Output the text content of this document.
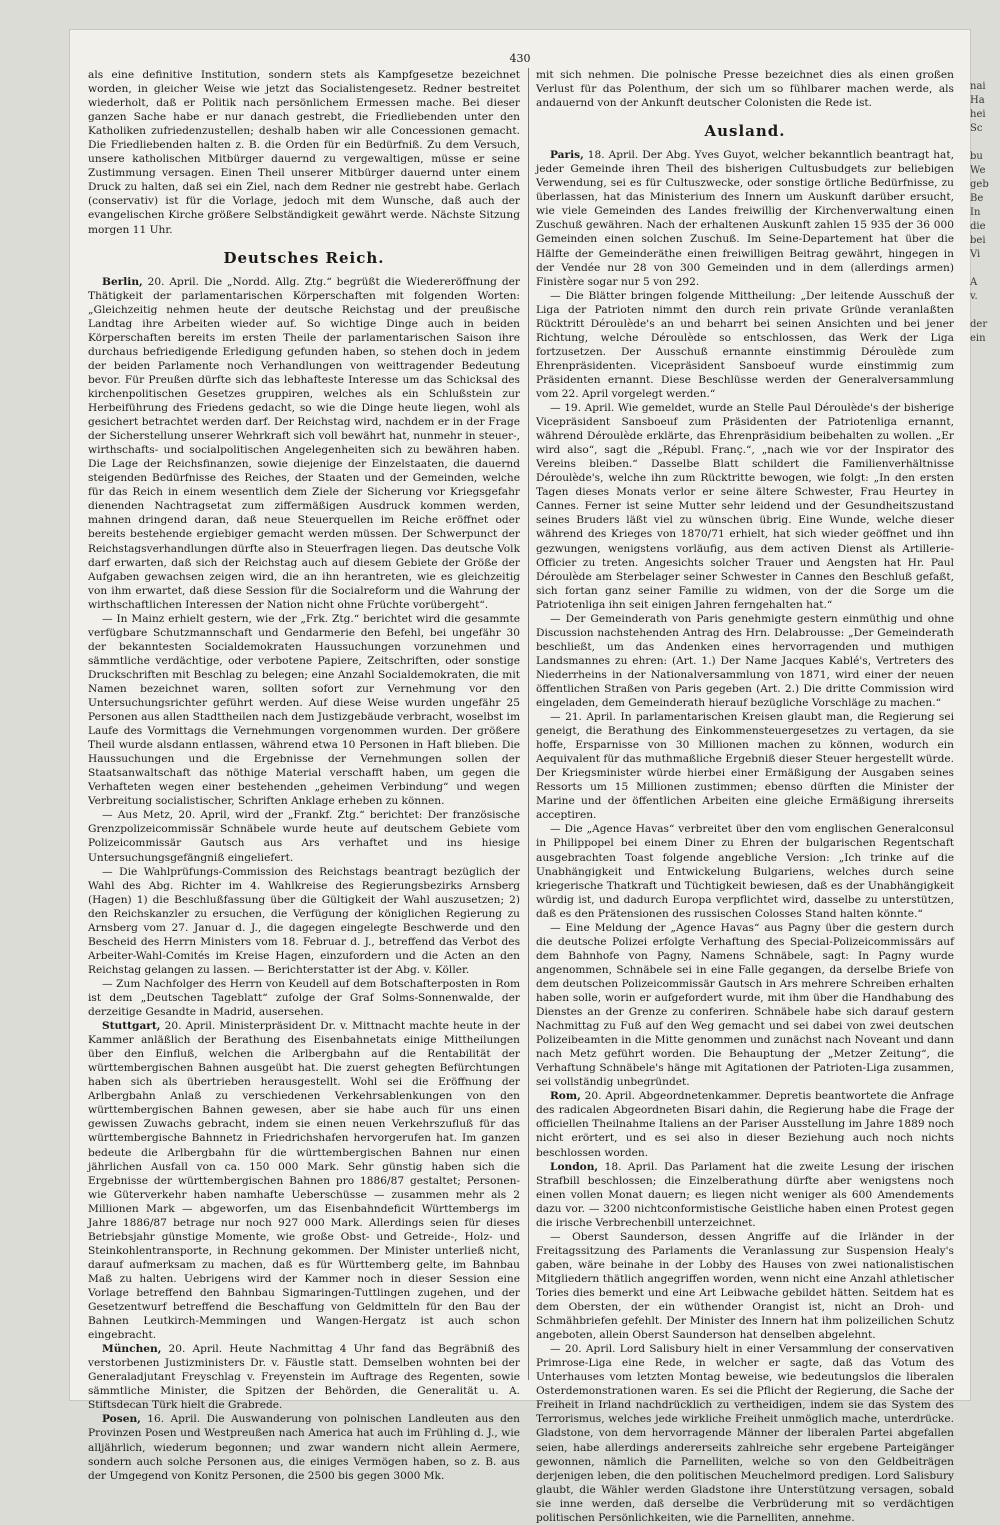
430

als eine definitive Institution, sondern stets als Kampfgesetze bezeichnet worden, in gleicher Weise wie jetzt das Socialistengesetz. Redner bestreitet wiederholt, daß er Politik nach persönlichem Ermessen mache. Bei dieser ganzen Sache habe er nur danach gestrebt, die Friedliebenden unter den Katholiken zufriedenzustellen; deshalb haben wir alle Concessionen gemacht. Die Friedliebenden halten z. B. die Orden für ein Bedürfniß. Zu dem Versuch, unsere katholischen Mitbürger dauernd zu vergewaltigen, müsse er seine Zustimmung versagen. Einen Theil unserer Mitbürger dauernd unter einem Druck zu halten, daß sei ein Ziel, nach dem Redner nie gestrebt habe. Gerlach (conservativ) ist für die Vorlage, jedoch mit dem Wunsche, daß auch der evangelischen Kirche größere Selbständigkeit gewährt werde. Nächste Sitzung morgen 11 Uhr.

Deutsches Reich.

Berlin, 20. April. Die „Nordd. Allg. Ztg.“ begrüßt die Wiedereröffnung der Thätigkeit der parlamentarischen Körperschaften mit folgenden Worten: „Gleichzeitig nehmen heute der deutsche Reichstag und der preußische Landtag ihre Arbeiten wieder auf. So wichtige Dinge auch in beiden Körperschaften bereits im ersten Theile der parlamentarischen Saison ihre durchaus befriedigende Erledigung gefunden haben, so stehen doch in jedem der beiden Parlamente noch Verhandlungen von weittragender Bedeutung bevor. Für Preußen dürfte sich das lebhafteste Interesse um das Schicksal des kirchenpolitischen Gesetzes gruppiren, welches als ein Schlußstein zur Herbeiführung des Friedens gedacht, so wie die Dinge heute liegen, wohl als gesichert betrachtet werden darf. Der Reichstag wird, nachdem er in der Frage der Sicherstellung unserer Wehrkraft sich voll bewährt hat, nunmehr in steuer-, wirthschafts- und socialpolitischen Angelegenheiten sich zu bewähren haben. Die Lage der Reichsfinanzen, sowie diejenige der Einzelstaaten, die dauernd steigenden Bedürfnisse des Reiches, der Staaten und der Gemeinden, welche für das Reich in einem wesentlich dem Ziele der Sicherung vor Kriegsgefahr dienenden Nachtragsetat zum ziffermäßigen Ausdruck kommen werden, mahnen dringend daran, daß neue Steuerquellen im Reiche eröffnet oder bereits bestehende ergiebiger gemacht werden müssen. Der Schwerpunct der Reichstagsverhandlungen dürfte also in Steuerfragen liegen. Das deutsche Volk darf erwarten, daß sich der Reichstag auch auf diesem Gebiete der Größe der Aufgaben gewachsen zeigen wird, die an ihn herantreten, wie es gleichzeitig von ihm erwartet, daß diese Session für die Socialreform und die Wahrung der wirthschaftlichen Interessen der Nation nicht ohne Früchte vorübergeht“.

— In Mainz erhielt gestern, wie der „Frk. Ztg.“ berichtet wird die gesammte verfügbare Schutzmannschaft und Gendarmerie den Befehl, bei ungefähr 30 der bekanntesten Socialdemokraten Haussuchungen vorzunehmen und sämmtliche verdächtige, oder verbotene Papiere, Zeitschriften, oder sonstige Druckschriften mit Beschlag zu belegen; eine Anzahl Socialdemokraten, die mit Namen bezeichnet waren, sollten sofort zur Vernehmung vor den Untersuchungsrichter geführt werden. Auf diese Weise wurden ungefähr 25 Personen aus allen Stadttheilen nach dem Justizgebäude verbracht, woselbst im Laufe des Vormittags die Vernehmungen vorgenommen wurden. Der größere Theil wurde alsdann entlassen, während etwa 10 Personen in Haft blieben. Die Haussuchungen und die Ergebnisse der Vernehmungen sollen der Staatsanwaltschaft das nöthige Material verschafft haben, um gegen die Verhafteten wegen einer bestehenden „geheimen Verbindung“ und wegen Verbreitung socialistischer, Schriften Anklage erheben zu können.

— Aus Metz, 20. April, wird der „Frankf. Ztg.“ berichtet: Der französische Grenzpolizeicommissär Schnäbele wurde heute auf deutschem Gebiete vom Polizeicommissär Gautsch aus Ars verhaftet und ins hiesige Untersuchungsgefängniß eingeliefert.

— Die Wahlprüfungs-Commission des Reichstags beantragt bezüglich der Wahl des Abg. Richter im 4. Wahlkreise des Regierungsbezirks Arnsberg (Hagen) 1) die Beschlußfassung über die Gültigkeit der Wahl auszusetzen; 2) den Reichskanzler zu ersuchen, die Verfügung der königlichen Regierung zu Arnsberg vom 27. Januar d. J., die dagegen eingelegte Beschwerde und den Bescheid des Herrn Ministers vom 18. Februar d. J., betreffend das Verbot des Arbeiter-Wahl-Comités im Kreise Hagen, einzufordern und die Acten an den Reichstag gelangen zu lassen. — Berichterstatter ist der Abg. v. Köller.

— Zum Nachfolger des Herrn von Keudell auf dem Botschafterposten in Rom ist dem „Deutschen Tageblatt“ zufolge der Graf Solms-Sonnenwalde, der derzeitige Gesandte in Madrid, ausersehen.

Stuttgart, 20. April. Ministerpräsident Dr. v. Mittnacht machte heute in der Kammer anläßlich der Berathung des Eisenbahnetats einige Mittheilungen über den Einfluß, welchen die Arlbergbahn auf die Rentabilität der württembergischen Bahnen ausgeübt hat. Die zuerst gehegten Befürchtungen haben sich als übertrieben herausgestellt. Wohl sei die Eröffnung der Arlbergbahn Anlaß zu verschiedenen Verkehrsablenkungen von den württembergischen Bahnen gewesen, aber sie habe auch für uns einen gewissen Zuwachs gebracht, indem sie einen neuen Verkehrszufluß für das württembergische Bahnnetz in Friedrichshafen hervorgerufen hat. Im ganzen bedeute die Arlbergbahn für die württembergischen Bahnen nur einen jährlichen Ausfall von ca. 150 000 Mark. Sehr günstig haben sich die Ergebnisse der württembergischen Bahnen pro 1886/87 gestaltet; Personen- wie Güterverkehr haben namhafte Ueberschüsse — zusammen mehr als 2 Millionen Mark — abgeworfen, um das Eisenbahndeficit Württembergs im Jahre 1886/87 betrage nur noch 927 000 Mark. Allerdings seien für dieses Betriebsjahr günstige Momente, wie große Obst- und Getreide-, Holz- und Steinkohlentransporte, in Rechnung gekommen. Der Minister unterließ nicht, darauf aufmerksam zu machen, daß es für Württemberg gelte, im Bahnbau Maß zu halten. Uebrigens wird der Kammer noch in dieser Session eine Vorlage betreffend den Bahnbau Sigmaringen-Tuttlingen zugehen, und der Gesetzentwurf betreffend die Beschaffung von Geldmitteln für den Bau der Bahnen Leutkirch-Memmingen und Wangen-Hergatz ist auch schon eingebracht.

München, 20. April. Heute Nachmittag 4 Uhr fand das Begräbniß des verstorbenen Justizministers Dr. v. Fäustle statt. Demselben wohnten bei der Generaladjutant Freyschlag v. Freyenstein im Auftrage des Regenten, sowie sämmtliche Minister, die Spitzen der Behörden, die Generalität u. A. Stiftsdecan Türk hielt die Grabrede.

Posen, 16. April. Die Auswanderung von polnischen Landleuten aus den Provinzen Posen und Westpreußen nach America hat auch im Frühling d. J., wie alljährlich, wiederum begonnen; und zwar wandern nicht allein Aermere, sondern auch solche Personen aus, die einiges Vermögen haben, so z. B. aus der Umgegend von Konitz Personen, die 2500 bis gegen 3000 Mk.

mit sich nehmen. Die polnische Presse bezeichnet dies als einen großen Verlust für das Polenthum, der sich um so fühlbarer machen werde, als andauernd von der Ankunft deutscher Colonisten die Rede ist.

Ausland.

Paris, 18. April. Der Abg. Yves Guyot, welcher bekanntlich beantragt hat, jeder Gemeinde ihren Theil des bisherigen Cultusbudgets zur beliebigen Verwendung, sei es für Cultuszwecke, oder sonstige örtliche Bedürfnisse, zu überlassen, hat das Ministerium des Innern um Auskunft darüber ersucht, wie viele Gemeinden des Landes freiwillig der Kirchenverwaltung einen Zuschuß gewähren. Nach der erhaltenen Auskunft zahlen 15 935 der 36 000 Gemeinden einen solchen Zuschuß. Im Seine-Departement hat über die Hälfte der Gemeinderäthe einen freiwilligen Beitrag gewährt, hingegen in der Vendée nur 28 von 300 Gemeinden und in dem (allerdings armen) Finistère sogar nur 5 von 292.

— Die Blätter bringen folgende Mittheilung: „Der leitende Ausschuß der Liga der Patrioten nimmt den durch rein private Gründe veranlaßten Rücktritt Déroulède's an und beharrt bei seinen Ansichten und bei jener Richtung, welche Déroulède so entschlossen, das Werk der Liga fortzusetzen. Der Ausschuß ernannte einstimmig Déroulède zum Ehrenpräsidenten. Vicepräsident Sansboeuf wurde einstimmig zum Präsidenten ernannt. Diese Beschlüsse werden der Generalversammlung vom 22. April vorgelegt werden.“

— 19. April. Wie gemeldet, wurde an Stelle Paul Déroulède's der bisherige Vicepräsident Sansboeuf zum Präsidenten der Patriotenliga ernannt, während Déroulède erklärte, das Ehrenpräsidium beibehalten zu wollen. „Er wird also“, sagt die „Républ. Franç.“, „nach wie vor der Inspirator des Vereins bleiben.“ Dasselbe Blatt schildert die Familienverhältnisse Déroulède's, welche ihn zum Rücktritte bewogen, wie folgt: „In den ersten Tagen dieses Monats verlor er seine ältere Schwester, Frau Heurtey in Cannes. Ferner ist seine Mutter sehr leidend und der Gesundheitszustand seines Bruders läßt viel zu wünschen übrig. Eine Wunde, welche dieser während des Krieges von 1870/71 erhielt, hat sich wieder geöffnet und ihn gezwungen, wenigstens vorläufig, aus dem activen Dienst als Artillerie-Officier zu treten. Angesichts solcher Trauer und Aengsten hat Hr. Paul Déroulède am Sterbelager seiner Schwester in Cannes den Beschluß gefaßt, sich fortan ganz seiner Familie zu widmen, von der die Sorge um die Patriotenliga ihn seit einigen Jahren ferngehalten hat.“

— Der Gemeinderath von Paris genehmigte gestern einmüthig und ohne Discussion nachstehenden Antrag des Hrn. Delabrousse: „Der Gemeinderath beschließt, um das Andenken eines hervorragenden und muthigen Landsmannes zu ehren: (Art. 1.) Der Name Jacques Kablé's, Vertreters des Niederrheins in der Nationalversammlung von 1871, wird einer der neuen öffentlichen Straßen von Paris gegeben (Art. 2.) Die dritte Commission wird eingeladen, dem Gemeinderath hierauf bezügliche Vorschläge zu machen.“

— 21. April. In parlamentarischen Kreisen glaubt man, die Regierung sei geneigt, die Berathung des Einkommensteuergesetzes zu vertagen, da sie hoffe, Ersparnisse von 30 Millionen machen zu können, wodurch ein Aequivalent für das muthmaßliche Ergebniß dieser Steuer hergestellt würde. Der Kriegsminister würde hierbei einer Ermäßigung der Ausgaben seines Ressorts um 15 Millionen zustimmen; ebenso dürften die Minister der Marine und der öffentlichen Arbeiten eine gleiche Ermäßigung ihrerseits acceptiren.

— Die „Agence Havas“ verbreitet über den vom englischen Generalconsul in Philippopel bei einem Diner zu Ehren der bulgarischen Regentschaft ausgebrachten Toast folgende angebliche Version: „Ich trinke auf die Unabhängigkeit und Entwickelung Bulgariens, welches durch seine kriegerische Thatkraft und Tüchtigkeit bewiesen, daß es der Unabhängigkeit würdig ist, und dadurch Europa verpflichtet wird, dasselbe zu unterstützen, daß es den Prätensionen des russischen Colosses Stand halten könnte.“

— Eine Meldung der „Agence Havas“ aus Pagny über die gestern durch die deutsche Polizei erfolgte Verhaftung des Special-Polizeicommissärs auf dem Bahnhofe von Pagny, Namens Schnäbele, sagt: In Pagny wurde angenommen, Schnäbele sei in eine Falle gegangen, da derselbe Briefe von dem deutschen Polizeicommissär Gautsch in Ars mehrere Schreiben erhalten haben solle, worin er aufgefordert wurde, mit ihm über die Handhabung des Dienstes an der Grenze zu conferiren. Schnäbele habe sich darauf gestern Nachmittag zu Fuß auf den Weg gemacht und sei dabei von zwei deutschen Polizeibeamten in die Mitte genommen und zunächst nach Noveant und dann nach Metz geführt worden. Die Behauptung der „Metzer Zeitung“, die Verhaftung Schnäbele's hänge mit Agitationen der Patrioten-Liga zusammen, sei vollständig unbegründet.

Rom, 20. April. Abgeordnetenkammer. Depretis beantwortete die Anfrage des radicalen Abgeordneten Bisari dahin, die Regierung habe die Frage der officiellen Theilnahme Italiens an der Pariser Ausstellung im Jahre 1889 noch nicht erörtert, und es sei also in dieser Beziehung auch noch nichts beschlossen worden.

London, 18. April. Das Parlament hat die zweite Lesung der irischen Strafbill beschlossen; die Einzelberathung dürfte aber wenigstens noch einen vollen Monat dauern; es liegen nicht weniger als 600 Amendements dazu vor. — 3200 nichtconformistische Geistliche haben einen Protest gegen die irische Verbrechenbill unterzeichnet.

— Oberst Saunderson, dessen Angriffe auf die Irländer in der Freitagssitzung des Parlaments die Veranlassung zur Suspension Healy's gaben, wäre beinahe in der Lobby des Hauses von zwei nationalistischen Mitgliedern thätlich angegriffen worden, wenn nicht eine Anzahl athletischer Tories dies bemerkt und eine Art Leibwache gebildet hätten. Seitdem hat es dem Obersten, der ein wüthender Orangist ist, nicht an Droh- und Schmähbriefen gefehlt. Der Minister des Innern hat ihm polizeilichen Schutz angeboten, allein Oberst Saunderson hat denselben abgelehnt.

— 20. April. Lord Salisbury hielt in einer Versammlung der conservativen Primrose-Liga eine Rede, in welcher er sagte, daß das Votum des Unterhauses vom letzten Montag beweise, wie bedeutungslos die liberalen Osterdemonstrationen waren. Es sei die Pflicht der Regierung, die Sache der Freiheit in Irland nachdrücklich zu vertheidigen, indem sie das System des Terrorismus, welches jede wirkliche Freiheit unmöglich mache, unterdrücke. Gladstone, von dem hervorragende Männer der liberalen Partei abgefallen seien, habe allerdings andererseits zahlreiche sehr ergebene Parteigänger gewonnen, nämlich die Parnelliten, welche so von den Geldbeiträgen derjenigen leben, die den politischen Meuchelmord predigen. Lord Salisbury glaubt, die Wähler werden Gladstone ihre Unterstützung versagen, sobald sie inne werden, daß derselbe die Verbrüderung mit so verdächtigen politischen Persönlichkeiten, wie die Parnelliten, annehme.

nai
Ha
hei
Sc

bu
We
geb
Be
In
die
bei
Vi

A
v.

der
ein
